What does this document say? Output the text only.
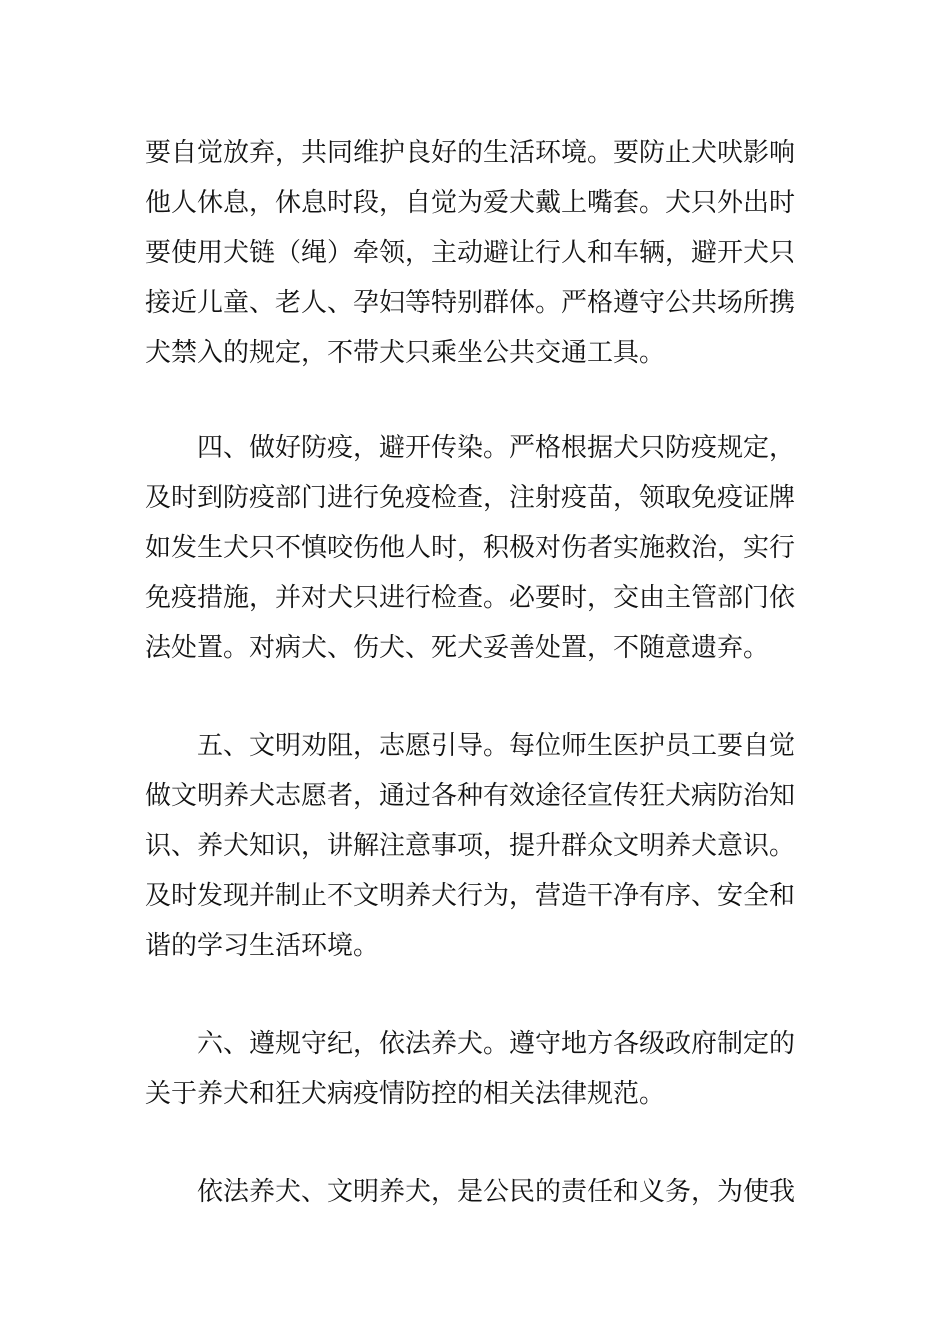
要自觉放弃，共同维护良好的生活环境。要防止犬吠影响
他人休息，休息时段，自觉为爱犬戴上嘴套。犬只外出时
要使用犬链（绳）牵领，主动避让行人和车辆，避开犬只
接近儿童、老人、孕妇等特别群体。严格遵守公共场所携
犬禁入的规定，不带犬只乘坐公共交通工具。

四、做好防疫，避开传染。严格根据犬只防疫规定，
及时到防疫部门进行免疫检查，注射疫苗，领取免疫证牌
如发生犬只不慎咬伤他人时，积极对伤者实施救治，实行
免疫措施，并对犬只进行检查。必要时，交由主管部门依
法处置。对病犬、伤犬、死犬妥善处置，不随意遗弃。

五、文明劝阻，志愿引导。每位师生医护员工要自觉
做文明养犬志愿者，通过各种有效途径宣传狂犬病防治知
识、养犬知识，讲解注意事项，提升群众文明养犬意识。
及时发现并制止不文明养犬行为，营造干净有序、安全和
谐的学习生活环境。

六、遵规守纪，依法养犬。遵守地方各级政府制定的
关于养犬和狂犬病疫情防控的相关法律规范。

依法养犬、文明养犬，是公民的责任和义务，为使我
